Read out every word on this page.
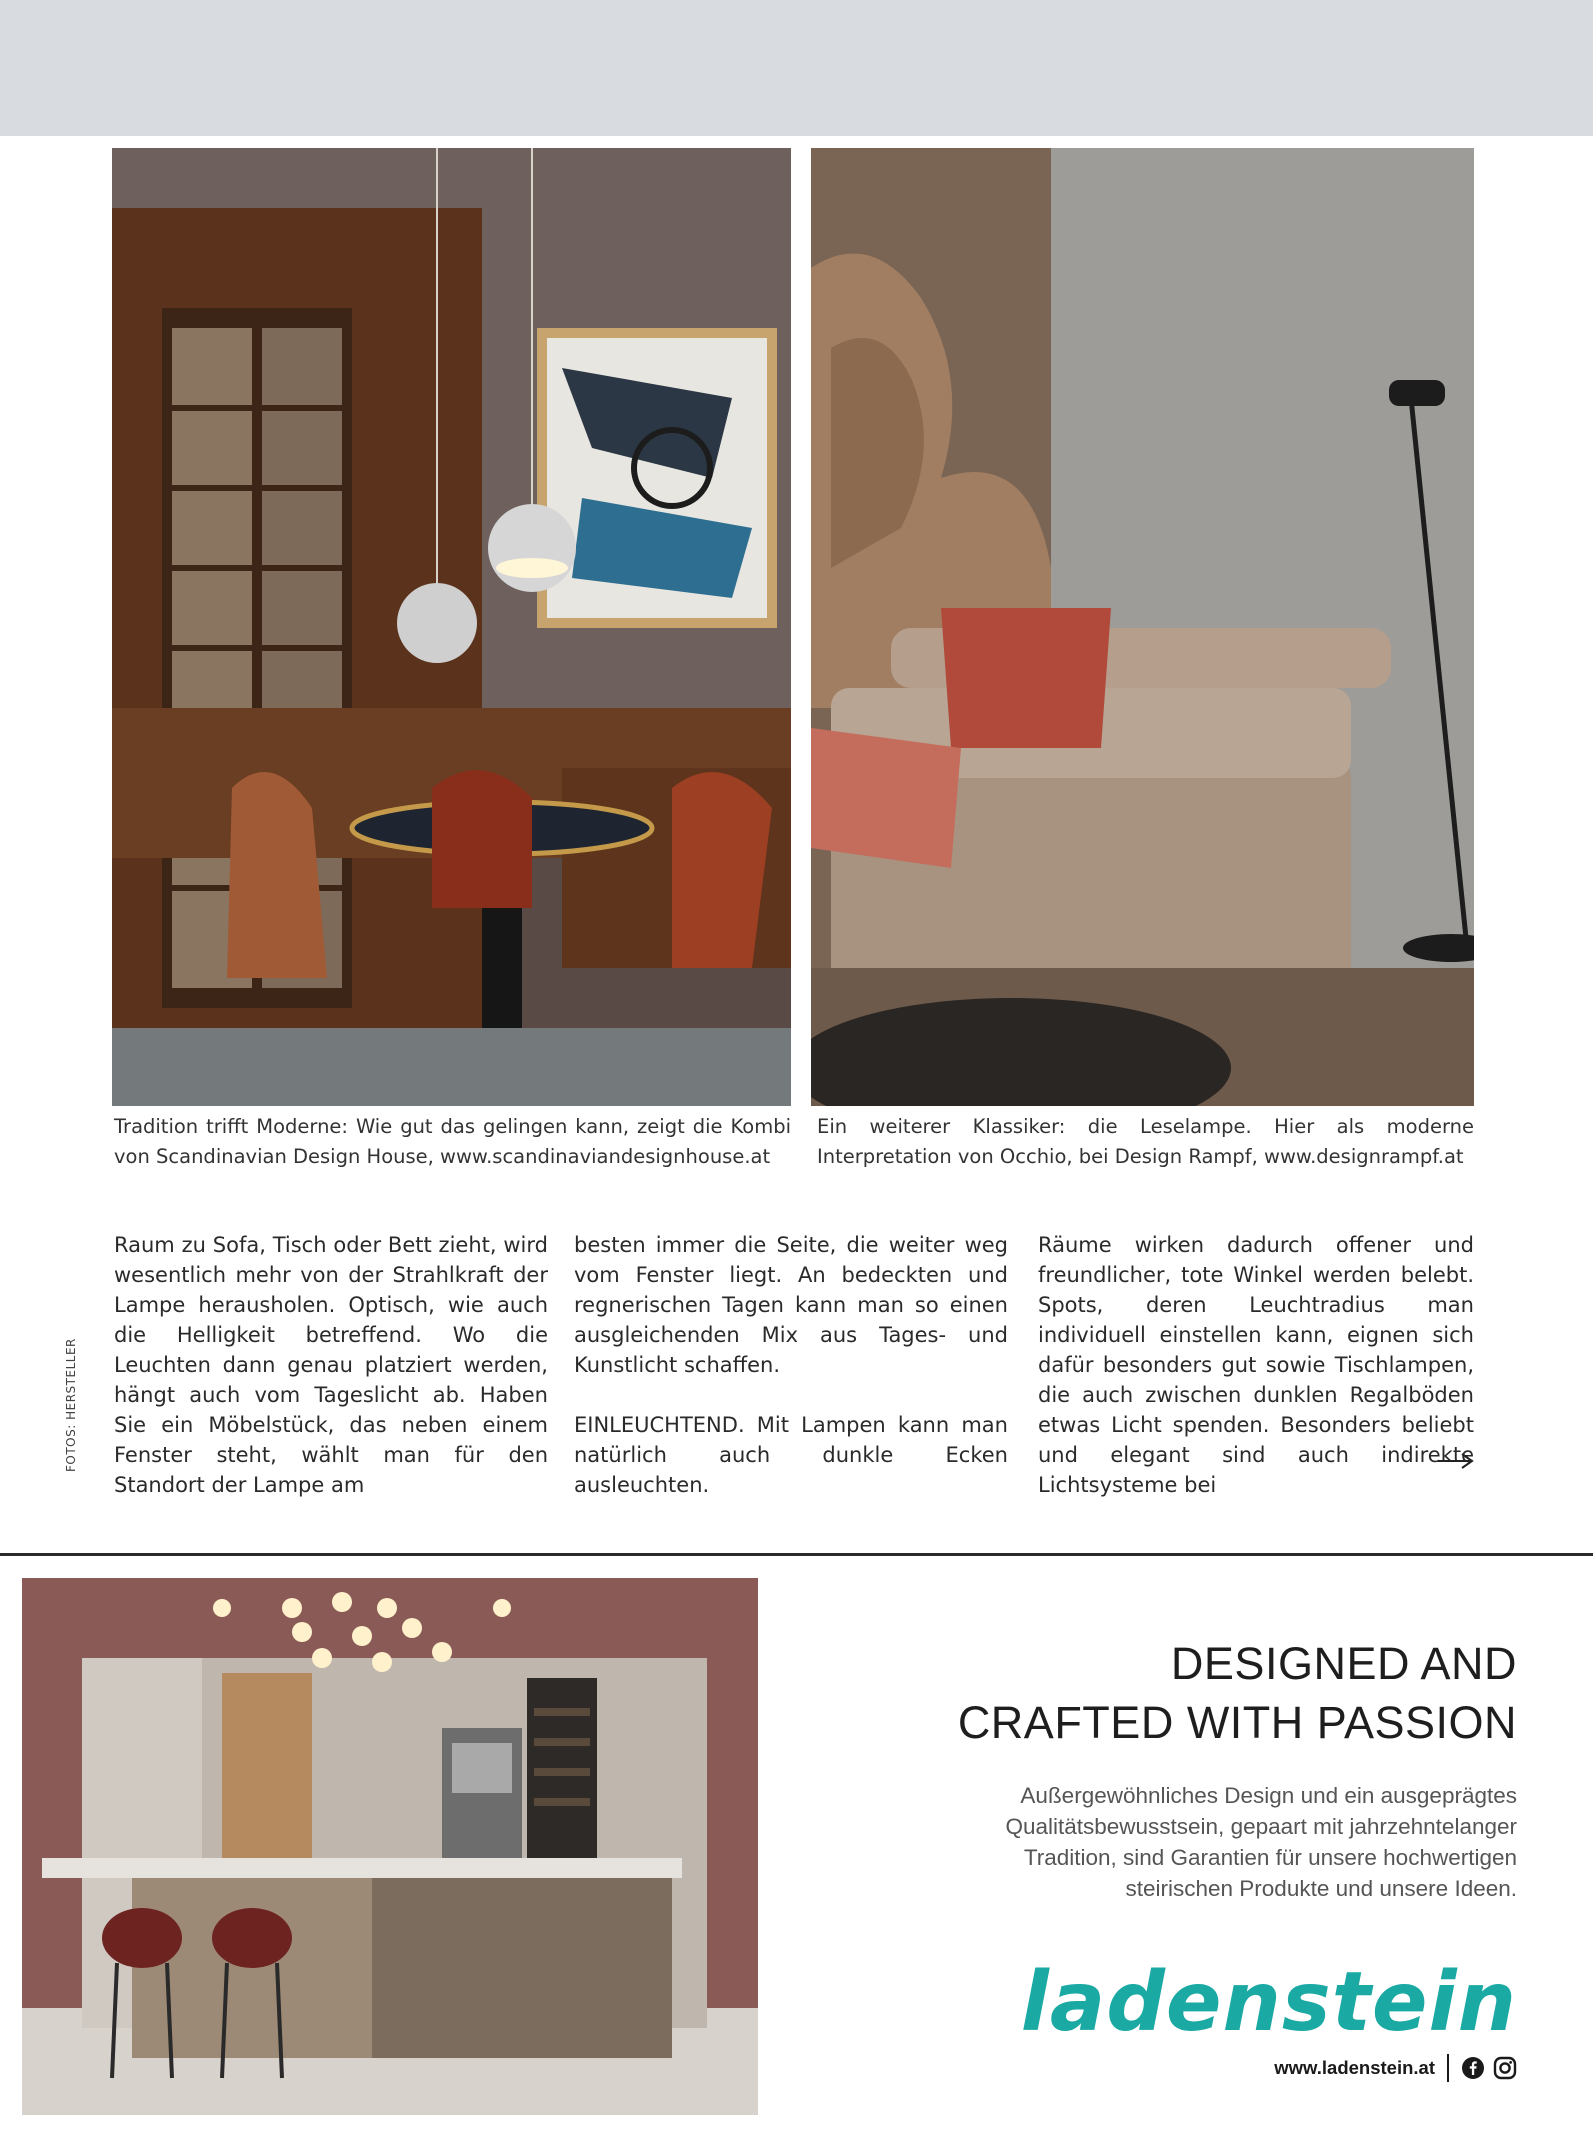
Tradition trifft Moderne: Wie gut das gelingen kann, zeigt die Kombi von Scandinavian Design House, www.scandinaviandesignhouse.at
Ein weiterer Klassiker: die Leselampe. Hier als moderne Interpretation von Occhio, bei Design Rampf, www.designrampf.at
FOTOS: HERSTELLER

Raum zu Sofa, Tisch oder Bett zieht, wird wesentlich mehr von der Strahlkraft der Lampe herausholen. Optisch, wie auch die Helligkeit betreffend. Wo die Leuchten dann genau platziert werden, hängt auch vom Tageslicht ab. Haben Sie ein Möbelstück, das neben einem Fenster steht, wählt man für den Standort der Lampe am

besten immer die Seite, die weiter weg vom Fenster liegt. An bedeckten und regnerischen Tagen kann man so einen ausgleichenden Mix aus Tages- und Kunstlicht schaffen.

EINLEUCHTEND. Mit Lampen kann man natürlich auch dunkle Ecken ausleuchten.

Räume wirken dadurch offener und freundlicher, tote Winkel werden belebt. Spots, deren Leuchtradius man individuell einstellen kann, eignen sich dafür besonders gut sowie Tischlampen, die auch zwischen dunklen Regalböden etwas Licht spenden. Besonders beliebt und elegant sind auch indirekte Lichtsysteme bei

DESIGNED AND
CRAFTED WITH PASSION
Außergewöhnliches Design und ein ausgeprägtes Qualitätsbewusstsein, gepaart mit jahrzehntelanger Tradition, sind Garantien für unsere hochwertigen steirischen Produkte und unsere Ideen.
ladenstein
www.ladenstein.at
